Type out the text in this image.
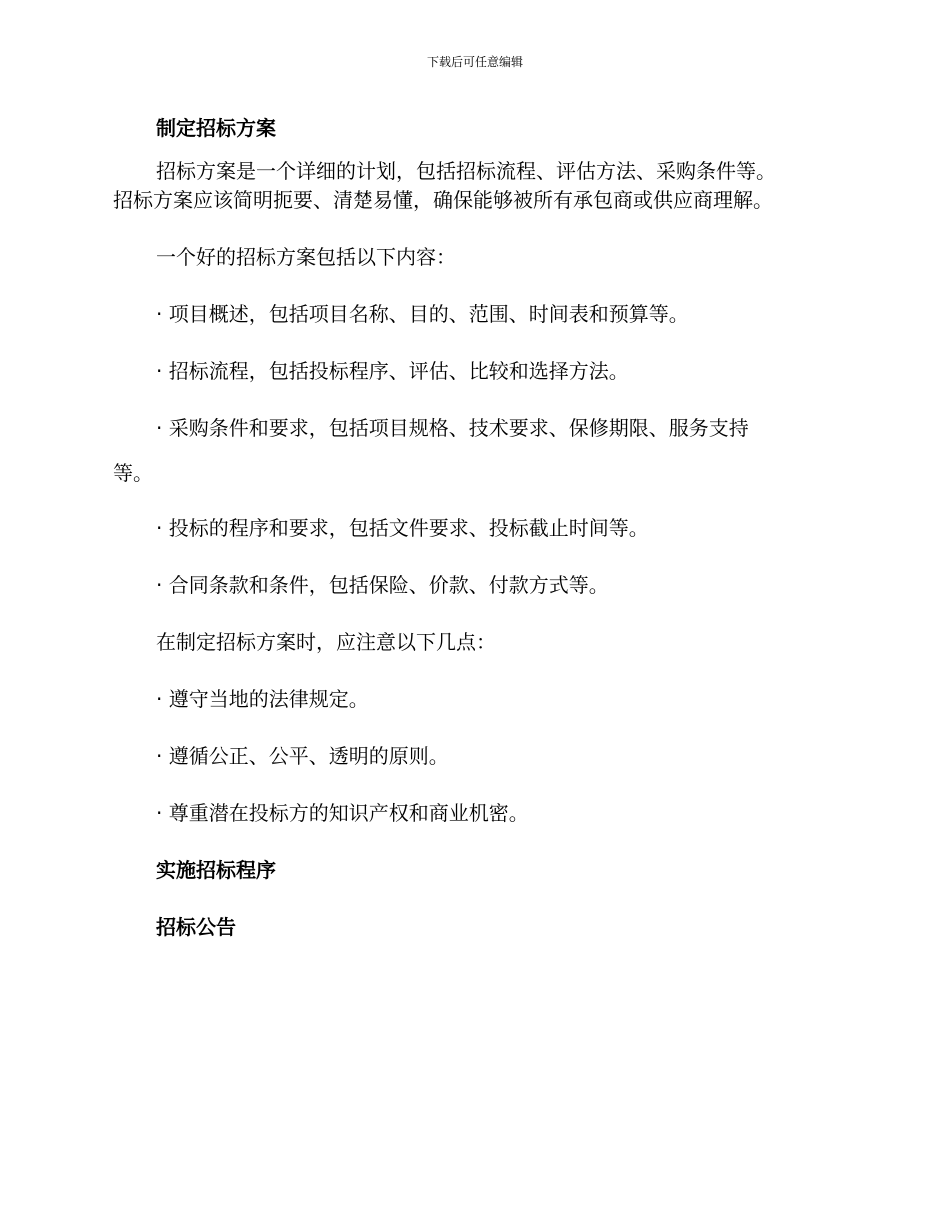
下载后可任意编辑
制定招标方案
招标方案是一个详细的计划，包括招标流程、评估方法、采购条件等。
招标方案应该简明扼要、清楚易懂，确保能够被所有承包商或供应商理解。
一个好的招标方案包括以下内容：
· 项目概述，包括项目名称、目的、范围、时间表和预算等。
· 招标流程，包括投标程序、评估、比较和选择方法。
· 采购条件和要求，包括项目规格、技术要求、保修期限、服务支持
等。
· 投标的程序和要求，包括文件要求、投标截止时间等。
· 合同条款和条件，包括保险、价款、付款方式等。
在制定招标方案时，应注意以下几点：
· 遵守当地的法律规定。
· 遵循公正、公平、透明的原则。
· 尊重潜在投标方的知识产权和商业机密。
实施招标程序
招标公告
